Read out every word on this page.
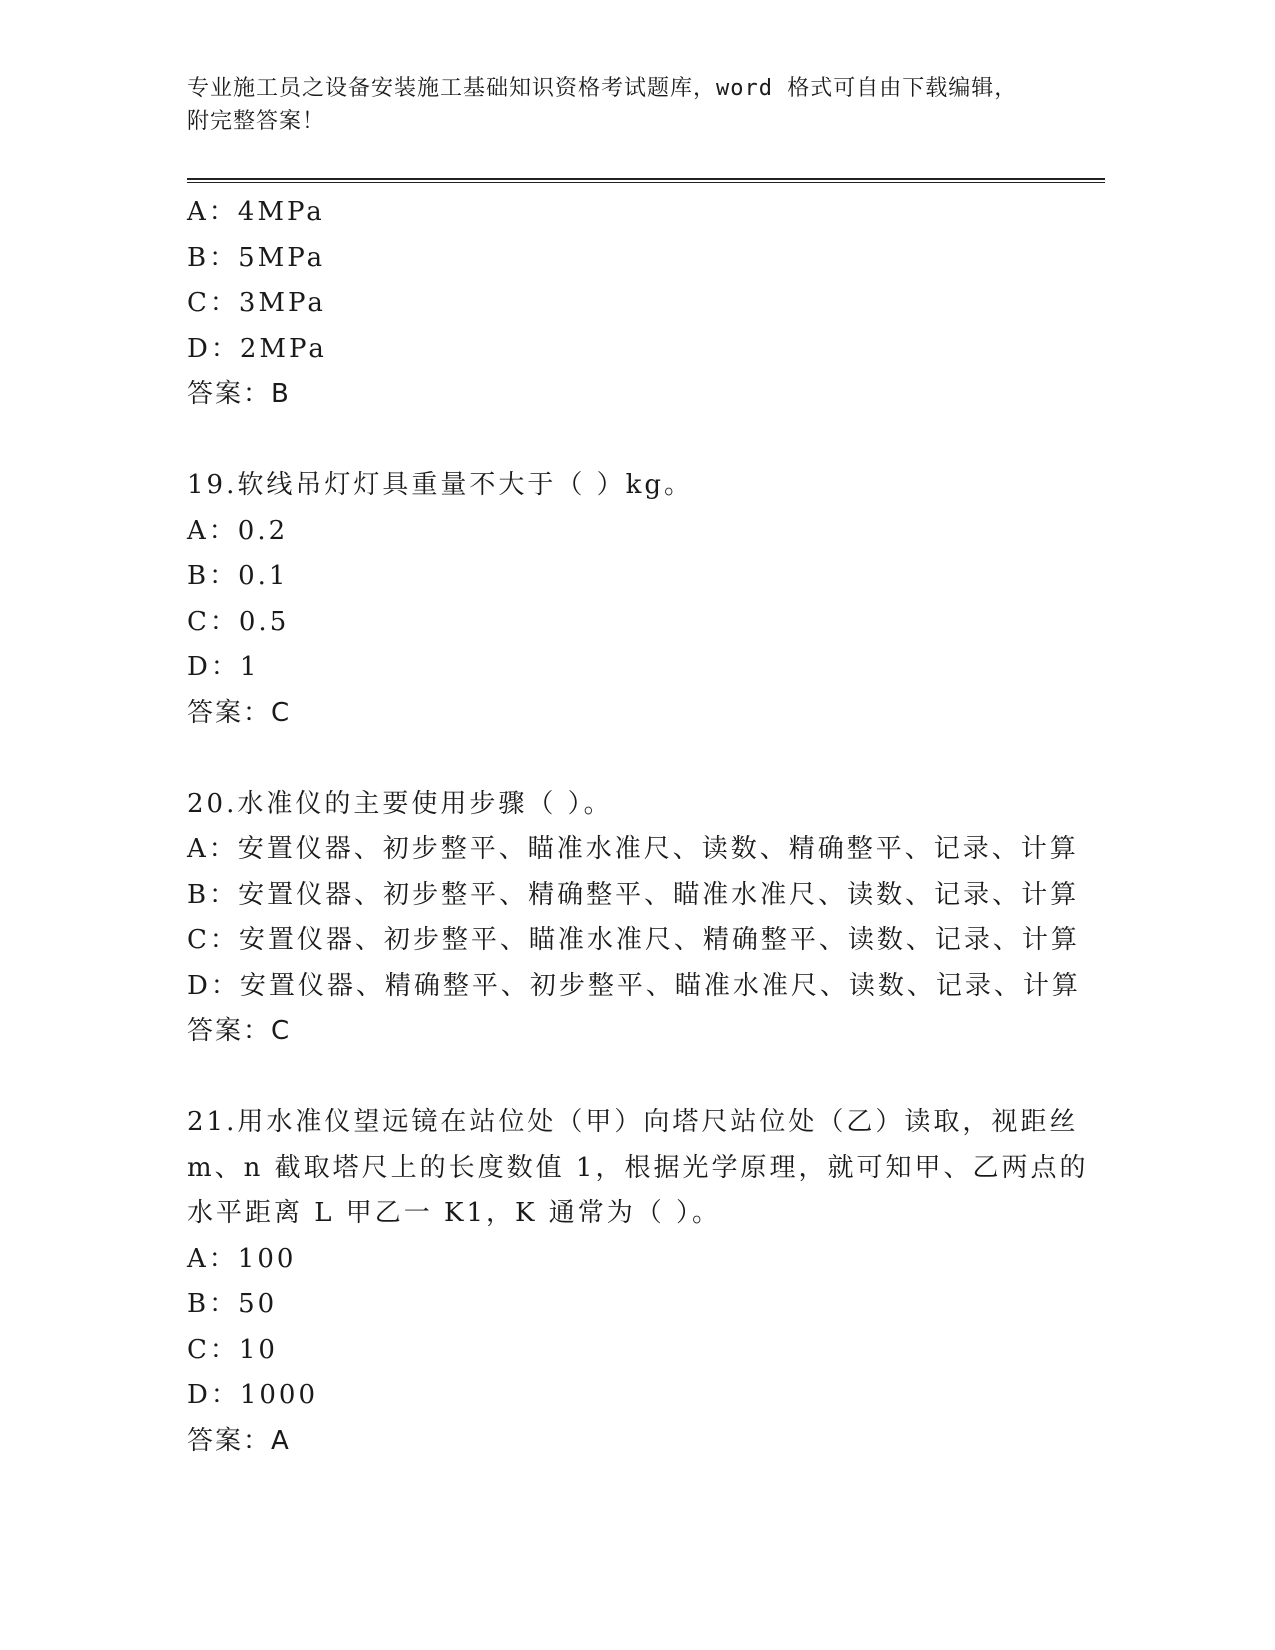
专业施工员之设备安装施工基础知识资格考试题库，word 格式可自由下载编辑，
附完整答案！
A：4MPa
B：5MPa
C：3MPa
D：2MPa
答案：B
19.软线吊灯灯具重量不大于（ ）kg。
A：0.2
B：0.1
C：0.5
D：1
答案：C
20.水准仪的主要使用步骤（ ）。
A：安置仪器、初步整平、瞄准水准尺、读数、精确整平、记录、计算
B：安置仪器、初步整平、精确整平、瞄准水准尺、读数、记录、计算
C：安置仪器、初步整平、瞄准水准尺、精确整平、读数、记录、计算
D：安置仪器、精确整平、初步整平、瞄准水准尺、读数、记录、计算
答案：C
21.用水准仪望远镜在站位处（甲）向塔尺站位处（乙）读取，视距丝
m、n 截取塔尺上的长度数值 1，根据光学原理，就可知甲、乙两点的
水平距离 L 甲乙一 K1，K 通常为（ ）。
A：100
B：50
C：10
D：1000
答案：A
